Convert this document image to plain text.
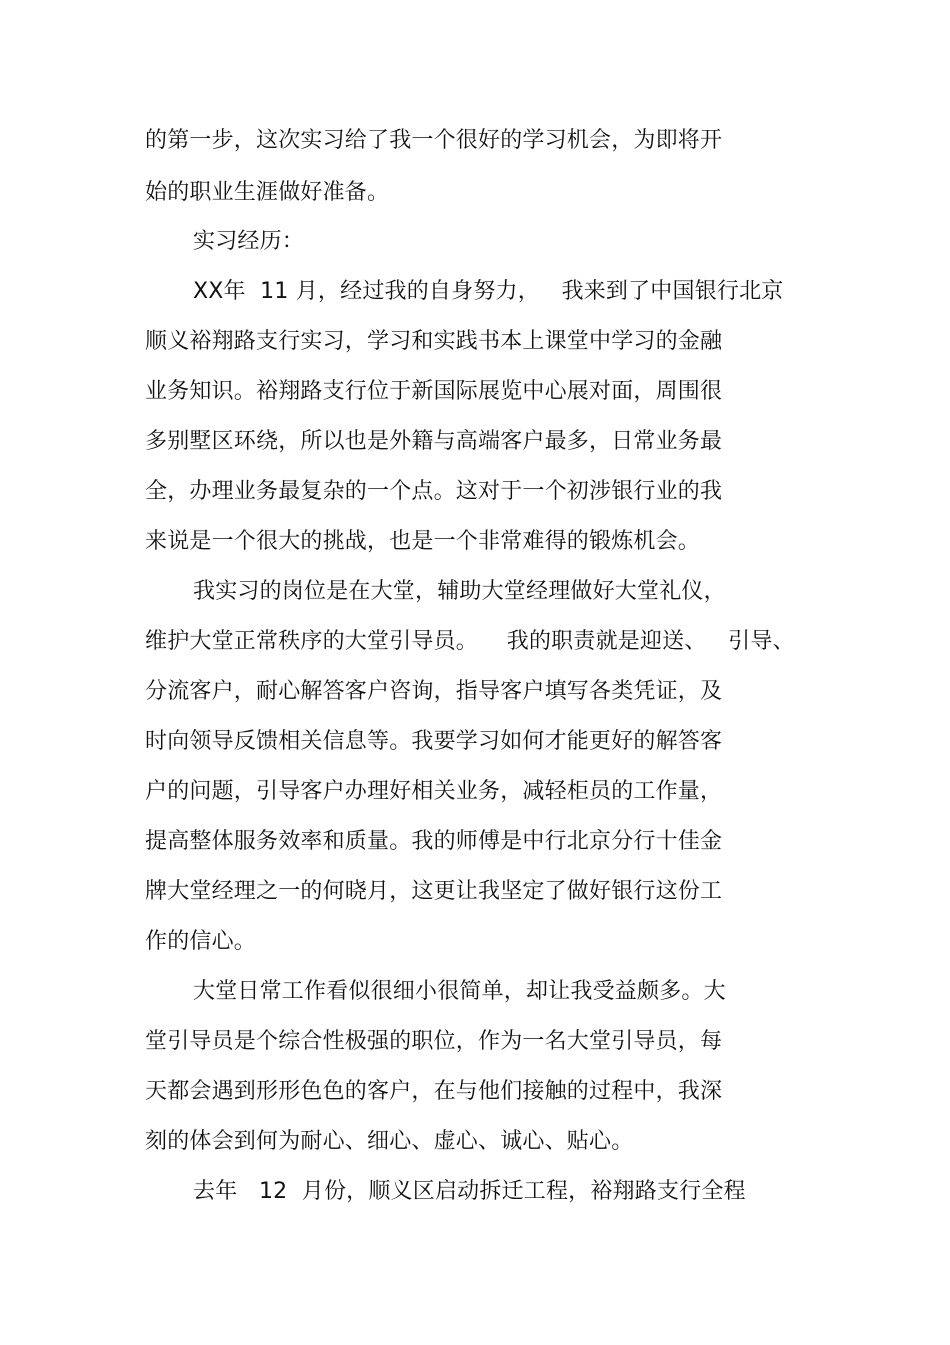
的第一步，这次实习给了我一个很好的学习机会，为即将开
始的职业生涯做好准备。
实习经历：
XX年  11 月，经过我的自身努力，   我来到了中国银行北京
顺义裕翔路支行实习，学习和实践书本上课堂中学习的金融
业务知识。裕翔路支行位于新国际展览中心展对面，周围很
多别墅区环绕，所以也是外籍与高端客户最多，日常业务最
全，办理业务最复杂的一个点。这对于一个初涉银行业的我
来说是一个很大的挑战，也是一个非常难得的锻炼机会。
我实习的岗位是在大堂，辅助大堂经理做好大堂礼仪，
维护大堂正常秩序的大堂引导员。    我的职责就是迎送、   引导、
分流客户，耐心解答客户咨询，指导客户填写各类凭证，及
时向领导反馈相关信息等。我要学习如何才能更好的解答客
户的问题，引导客户办理好相关业务，减轻柜员的工作量，
提高整体服务效率和质量。我的师傅是中行北京分行十佳金
牌大堂经理之一的何晓月，这更让我坚定了做好银行这份工
作的信心。
大堂日常工作看似很细小很简单，却让我受益颇多。大
堂引导员是个综合性极强的职位，作为一名大堂引导员，每
天都会遇到形形色色的客户，在与他们接触的过程中，我深
刻的体会到何为耐心、细心、虚心、诚心、贴心。
去年   12  月份，顺义区启动拆迁工程，裕翔路支行全程
